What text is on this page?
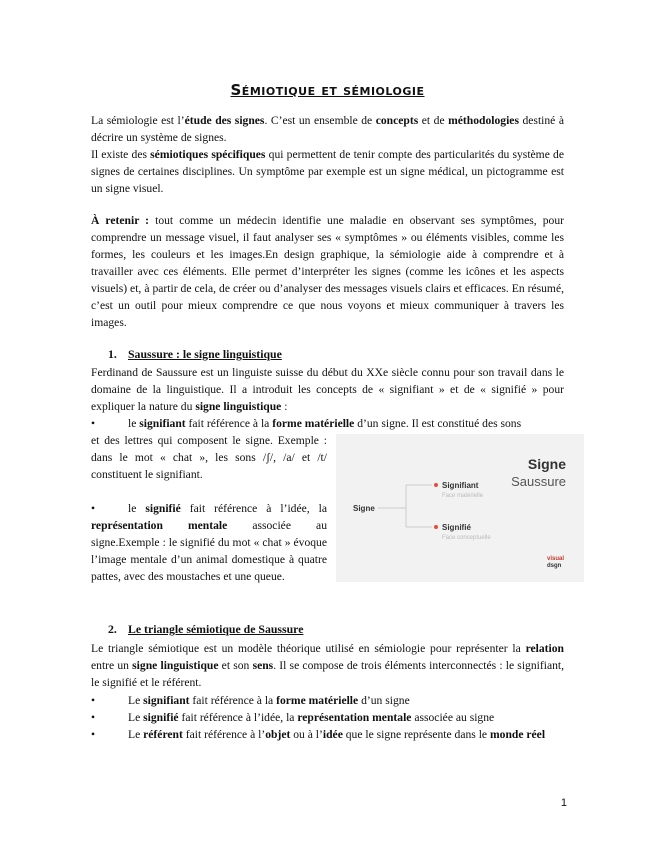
Sémiotique et sémiologie
La sémiologie est l’étude des signes. C’est un ensemble de concepts et de méthodologies destiné à décrire un système de signes.
Il existe des sémiotiques spécifiques qui permettent de tenir compte des particularités du système de signes de certaines disciplines. Un symptôme par exemple est un signe médical, un pictogramme est un signe visuel.
À retenir : tout comme un médecin identifie une maladie en observant ses symptômes, pour comprendre un message visuel, il faut analyser ses « symptômes » ou éléments visibles, comme les formes, les couleurs et les images.En design graphique, la sémiologie aide à comprendre et à travailler avec ces éléments. Elle permet d’interpréter les signes (comme les icônes et les aspects visuels) et, à partir de cela, de créer ou d’analyser des messages visuels clairs et efficaces. En résumé, c’est un outil pour mieux comprendre ce que nous voyons et mieux communiquer à travers les images.
1. Saussure : le signe linguistique
Ferdinand de Saussure est un linguiste suisse du début du XXe siècle connu pour son travail dans le domaine de la linguistique. Il a introduit les concepts de « signifiant » et de « signifié » pour expliquer la nature du signe linguistique :
•	le signifiant fait référence à la forme matérielle d’un signe. Il est constitué des sons
et des lettres qui composent le signe. Exemple : dans le mot « chat », les sons /ʃ/, /a/ et /t/ constituent le signifiant.
•	le signifié fait référence à l’idée, la représentation mentale associée au signe.Exemple : le signifié du mot « chat » évoque l’image mentale d’un animal domestique à quatre pattes, avec des moustaches et une queue.
Signe
Saussure
Signe
Signifiant
Face matérielle
Signifié
Face conceptuelle
visual
dsgn
2. Le triangle sémiotique de Saussure
Le triangle sémiotique est un modèle théorique utilisé en sémiologie pour représenter la relation entre un signe linguistique et son sens. Il se compose de trois éléments interconnectés : le signifiant, le signifié et le référent.
•	Le signifiant fait référence à la forme matérielle d’un signe
•	Le signifié fait référence à l’idée, la représentation mentale associée au signe
•	Le référent fait référence à l’objet ou à l’idée que le signe représente dans le monde réel
1
